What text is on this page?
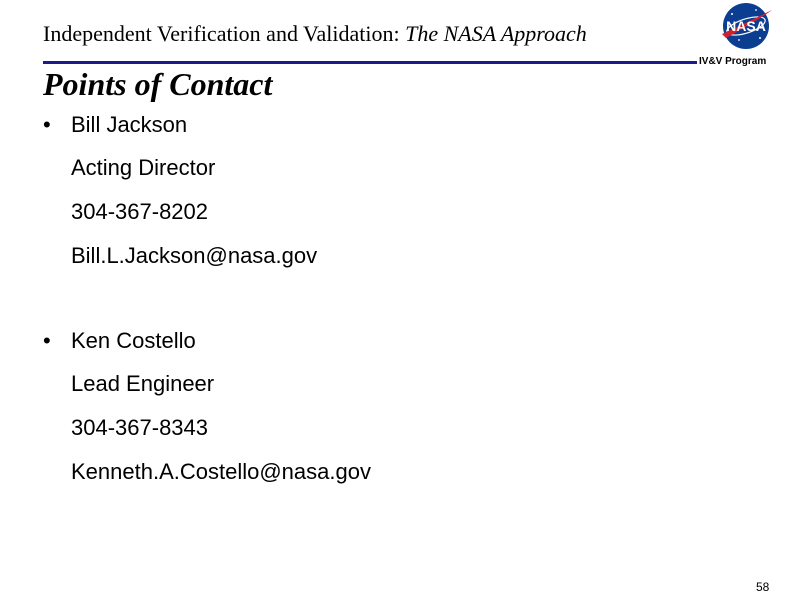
Independent Verification and Validation: The NASA Approach
Points of Contact
NASA
IV&V Program
• Bill Jackson
Acting Director
304-367-8202
Bill.L.Jackson@nasa.gov
• Ken Costello
Lead Engineer
304-367-8343
Kenneth.A.Costello@nasa.gov
58
